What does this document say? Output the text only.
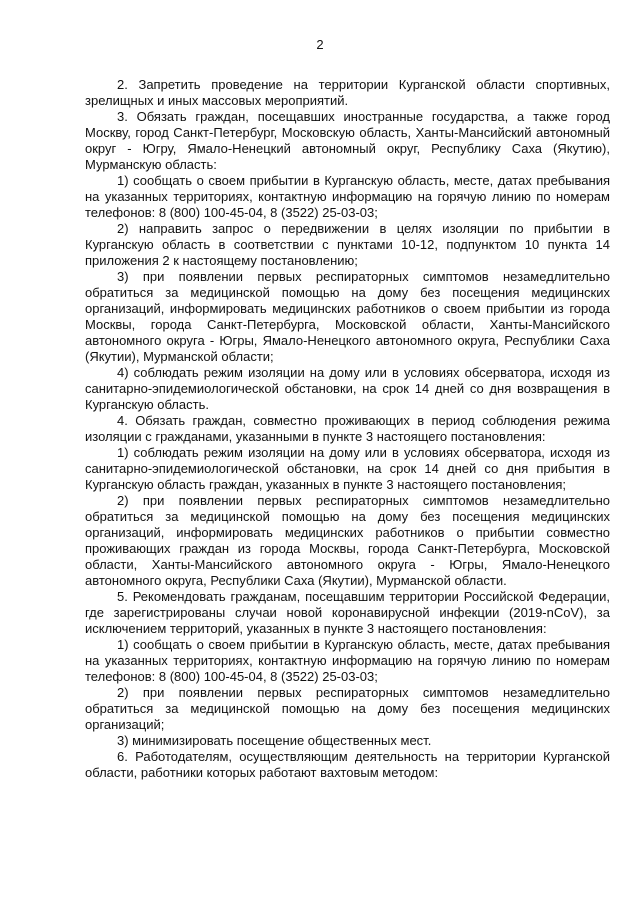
2

2. Запретить проведение на территории Курганской области спортивных, зрелищных и иных массовых мероприятий.

3. Обязать граждан, посещавших иностранные государства, а также город Москву, город Санкт-Петербург, Московскую область, Ханты-Мансийский автономный округ - Югру, Ямало-Ненецкий автономный округ, Республику Саха (Якутию), Мурманскую область:

1) сообщать о своем прибытии в Курганскую область, месте, датах пребывания на указанных территориях, контактную информацию на горячую линию по номерам телефонов: 8 (800) 100-45-04, 8 (3522) 25-03-03;

2) направить запрос о передвижении в целях изоляции по прибытии в Курганскую область в соответствии с пунктами 10-12, подпунктом 10 пункта 14 приложения 2 к настоящему постановлению;

3) при появлении первых респираторных симптомов незамедлительно обратиться за медицинской помощью на дому без посещения медицинских организаций, информировать медицинских работников о своем прибытии из города Москвы, города Санкт-Петербурга, Московской области, Ханты-Мансийского автономного округа - Югры, Ямало-Ненецкого автономного округа, Республики Саха (Якутии), Мурманской области;

4) соблюдать режим изоляции на дому или в условиях обсерватора, исходя из санитарно-эпидемиологической обстановки, на срок 14 дней со дня возвращения в Курганскую область.

4. Обязать граждан, совместно проживающих в период соблюдения режима изоляции с гражданами, указанными в пункте 3 настоящего постановления:

1) соблюдать режим изоляции на дому или в условиях обсерватора, исходя из санитарно-эпидемиологической обстановки, на срок 14 дней со дня прибытия в Курганскую область граждан, указанных в пункте 3 настоящего постановления;

2) при появлении первых респираторных симптомов незамедлительно обратиться за медицинской помощью на дому без посещения медицинских организаций, информировать медицинских работников о прибытии совместно проживающих граждан из города Москвы, города Санкт-Петербурга, Московской области, Ханты-Мансийского автономного округа - Югры, Ямало-Ненецкого автономного округа, Республики Саха (Якутии), Мурманской области.

5. Рекомендовать гражданам, посещавшим территории Российской Федерации, где зарегистрированы случаи новой коронавирусной инфекции (2019-nCoV), за исключением территорий, указанных в пункте 3 настоящего постановления:

1) сообщать о своем прибытии в Курганскую область, месте, датах пребывания на указанных территориях, контактную информацию на горячую линию по номерам телефонов: 8 (800) 100-45-04, 8 (3522) 25-03-03;

2) при появлении первых респираторных симптомов незамедлительно обратиться за медицинской помощью на дому без посещения медицинских организаций;

3) минимизировать посещение общественных мест.

6. Работодателям, осуществляющим деятельность на территории Курганской области, работники которых работают вахтовым методом:
